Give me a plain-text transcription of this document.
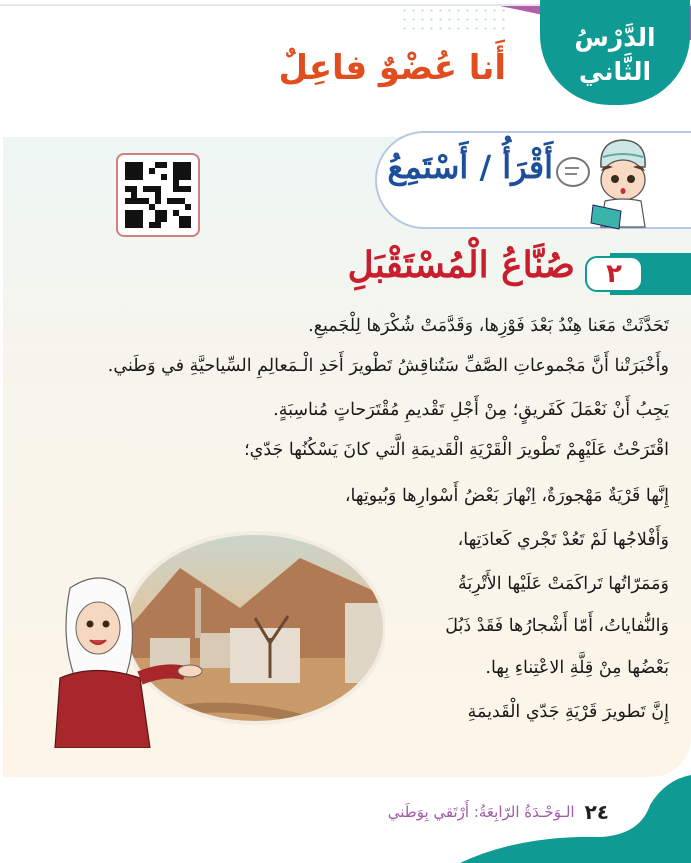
الدَّرْسُ
الثَّاني
أَنا عُضْوٌ فاعِلٌ
أَقْرَأُ / أَسْتَمِعُ
٢
صُنَّاعُ الْمُسْتَقْبَلِ
تَحَدَّثَتْ مَعَنا هِنْدُ بَعْدَ فَوْزِها، وَقَدَّمَتْ شُكْرَها لِلْجَميعِ.
وأَخْبَرَتْنا أَنَّ مَجْموعاتِ الصَّفِّ سَتُناقِشُ تَطْويرَ أَحَدِ الْـمَعالِمِ السِّياحيَّةِ في وَطَني.
يَجِبُ أَنْ نَعْمَلَ كَفَريقٍ؛ مِنْ أَجْلِ تَقْديمِ مُقْتَرَحاتٍ مُناسِبَةٍ.
اقْتَرَحْتُ عَلَيْهِمْ تَطْويرَ الْقَرْيَةِ الْقَديمَةِ الَّتي كانَ يَسْكُنُها جَدّي؛
إِنَّها قَرْيَةٌ مَهْجورَةٌ، اِنْهارَ بَعْضُ أَسْوارِها وَبُيوتِها،
وَأَفْلاجُها لَمْ تَعُدْ تَجْري كَعادَتِها،
وَمَمَرّاتُها تَراكَمَتْ عَلَيْها الأَتْرِبَةُ
وَالنُّفاياتُ، أَمّا أَشْجارُها فَقَدْ ذَبُلَ
بَعْضُها مِنْ قِلَّةِ الاعْتِناءِ بِها.
إِنَّ تَطويرَ قَرْيَةِ جَدّي الْقَديمَةِ
٢٤
الـوَحْـدَةُ الرّابِعَةُ: أَرْتَقي بِوَطَني
